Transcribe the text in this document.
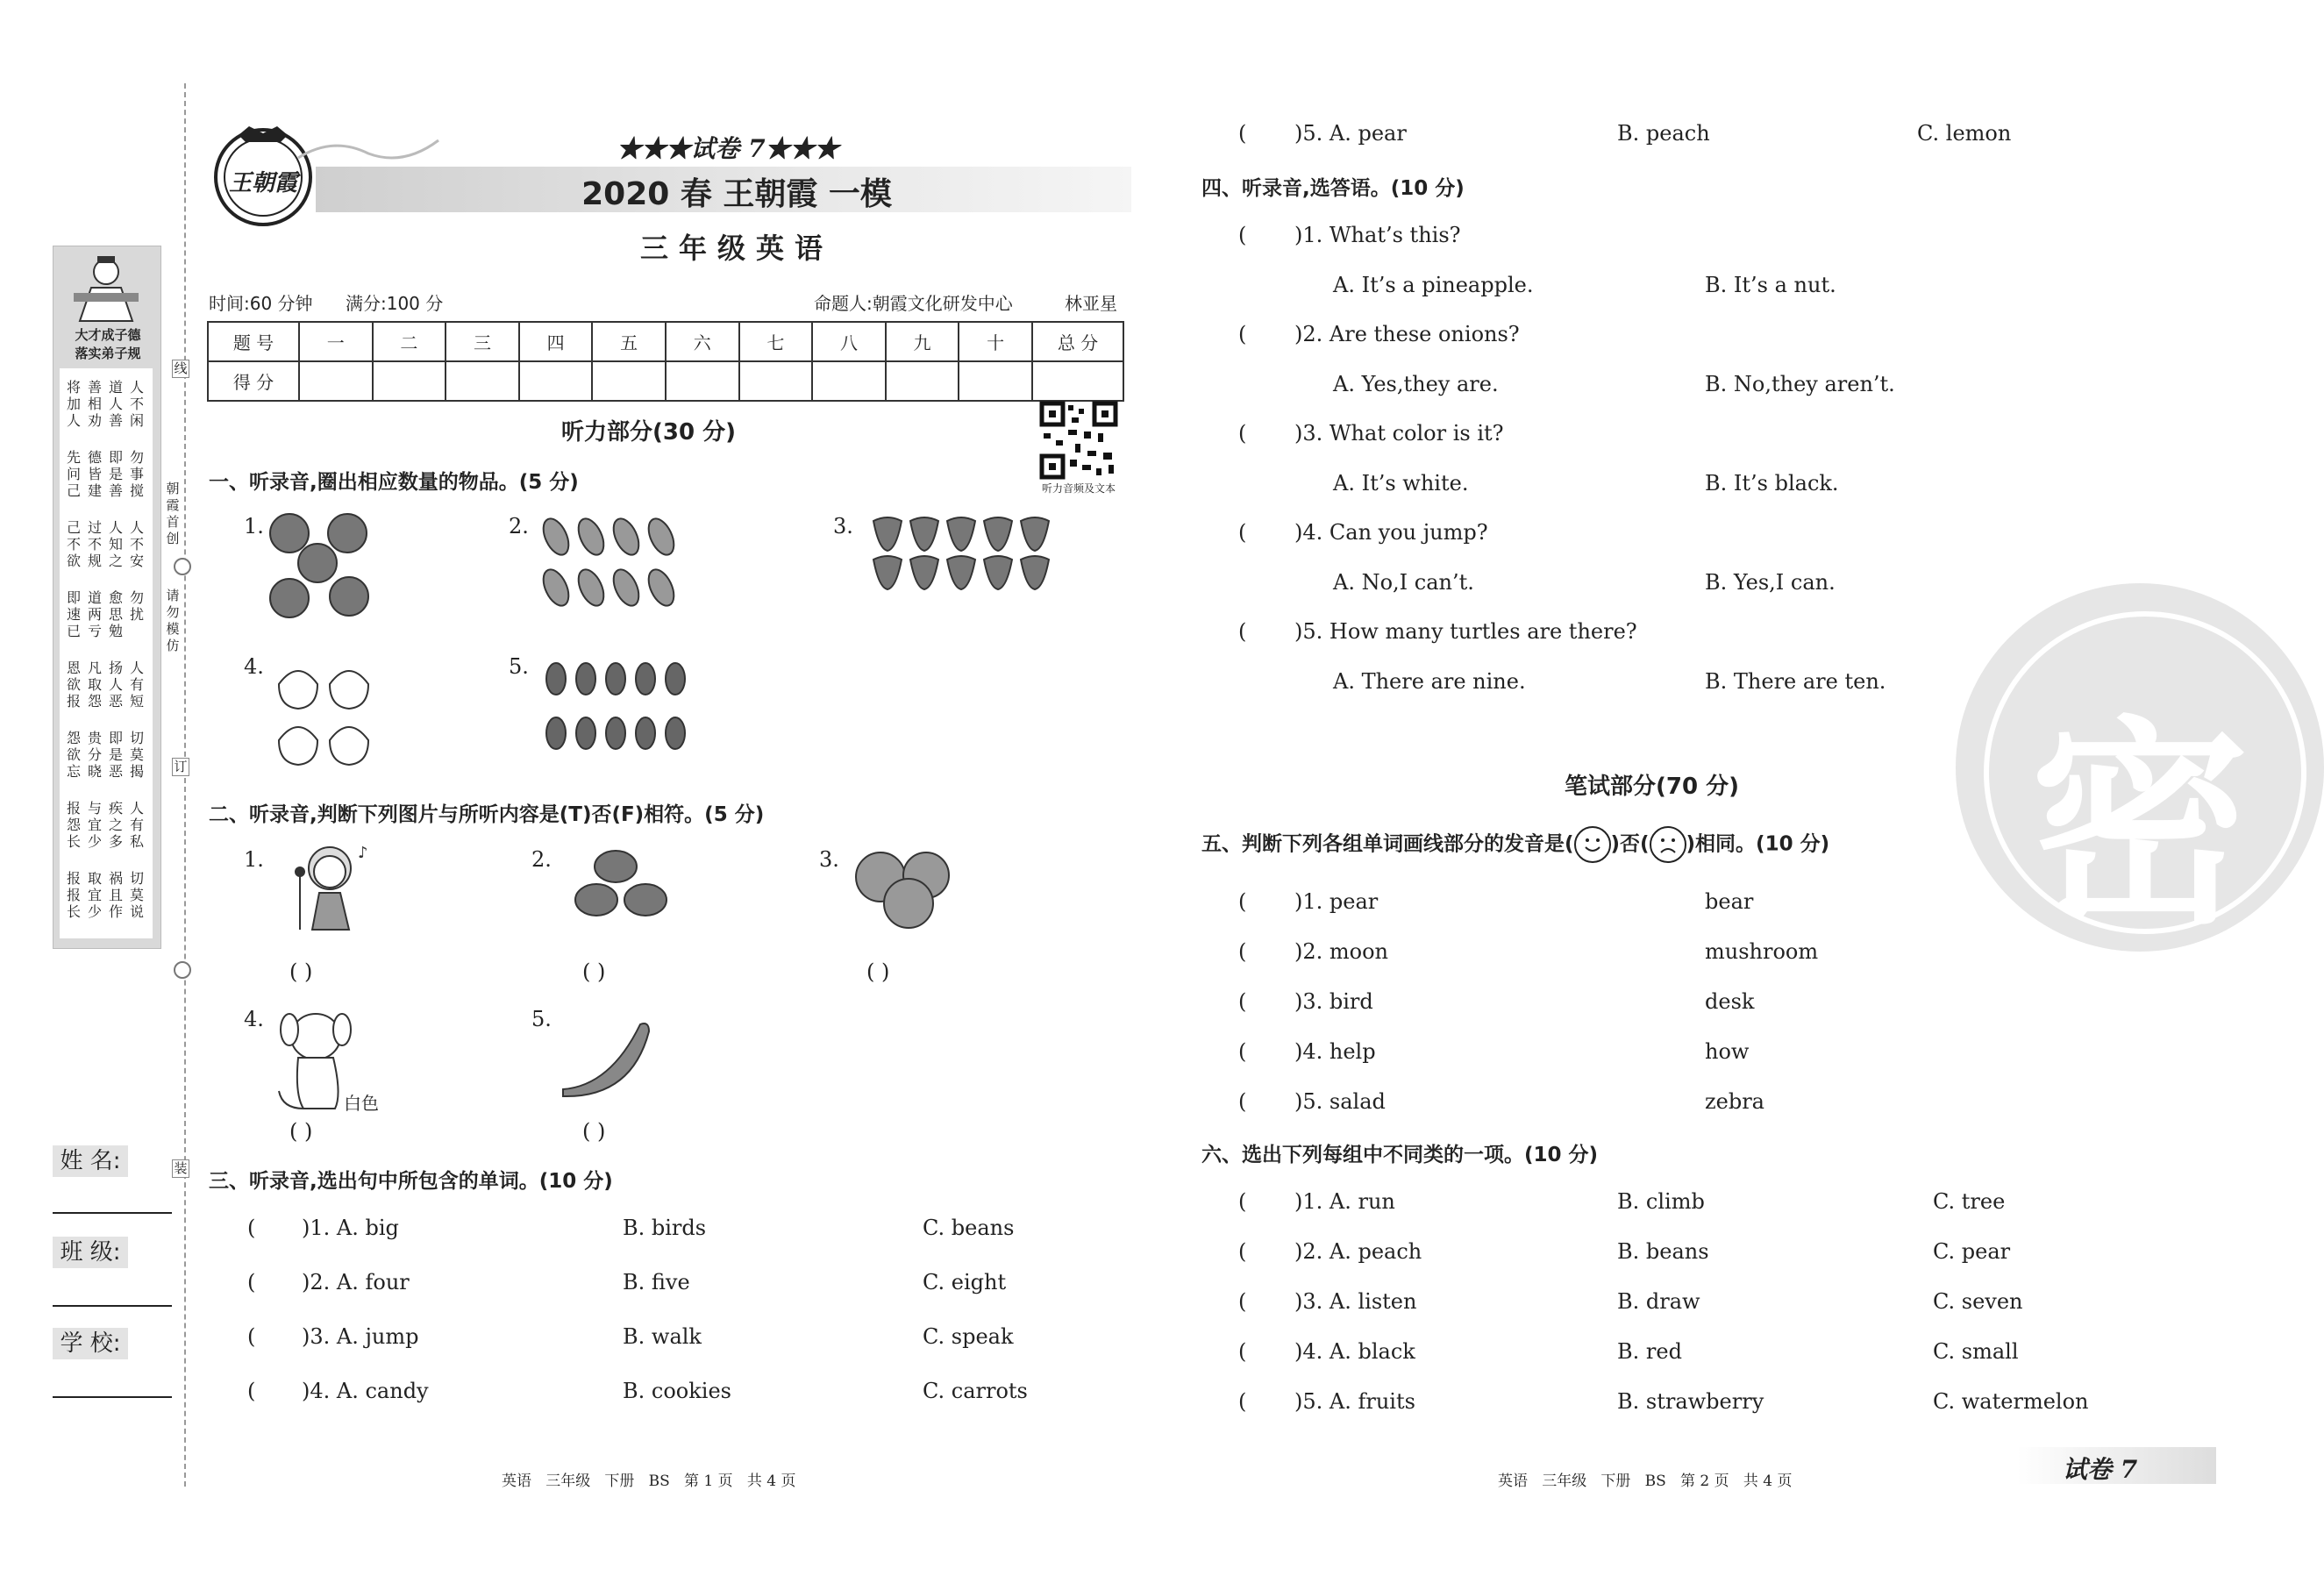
大才成子德
落实弟子规
将
加
人
善
相
劝
道
人
善
人
不
闲
先
问
己
德
皆
建
即
是
善
勿
事
搅
己
不
欲
过
不
规
人
知
之
人
不
安
即
速
已
道
两
亏
愈
思
勉
勿
扰
恩
欲
报
凡
取
怨
扬
人
恶
人
有
短
怨
欲
忘
贵
分
晓
即
是
恶
切
莫
揭
报
怨
长
与
宜
少
疾
之
多
人
有
私
报
报
长
取
宜
少
祸
且
作
切
莫
说
线
订
装
朝
霞
首
创
请
勿
模
仿
姓 名:
班 级:
学 校:
王朝霞
★★★试卷 7★★★
2020 春 王朝霞 一模
三年级英语
时间:60 分钟 满分:100 分	命题人:朝霞文化研发中心	林亚星
题 号	一	二	三	四	五	六	七	八	九	十	总 分
得 分											
听力音频及文本
听力部分(30 分)
一、听录音,圈出相应数量的物品。(5 分)
1.	2.	3.
4.	5.
二、听录音,判断下列图片与所听内容是(T)否(F)相符。(5 分)
1.	2.	3.
4.	5.
♪
( )	( )	( )
白色
( )	( )
三、听录音,选出句中所包含的单词。(10 分)
(	)1. A. big	B. birds	C. beans
(	)2. A. four	B. five	C. eight
(	)3. A. jump	B. walk	C. speak
(	)4. A. candy	B. cookies	C. carrots
( )5. A. pear	B. peach	C. lemon
四、听录音,选答语。(10 分)
( )1. What’s this?
A. It’s a pineapple.	B. It’s a nut.
( )2. Are these onions?
A. Yes,they are.	B. No,they aren’t.
( )3. What color is it?
A. It’s white.	B. It’s black.
( )4. Can you jump?
A. No,I can’t.	B. Yes,I can.
( )5. How many turtles are there?
A. There are nine.	B. There are ten.
密
笔试部分(70 分)
五、判断下列各组单词画线部分的发音是( )否( )相同。(10 分)
( )1. pear	bear
( )2. moon	mushroom
( )3. bird	desk
( )4. help	how
( )5. salad	zebra
六、选出下列每组中不同类的一项。(10 分)
( )1. A. run	B. climb	C. tree
( )2. A. peach	B. beans	C. pear
( )3. A. listen	B. draw	C. seven
( )4. A. black	B. red	C. small
( )5. A. fruits	B. strawberry	C. watermelon
英语   三年级   下册   BS   第 1 页   共 4 页	英语   三年级   下册   BS   第 2 页   共 4 页	试卷 7
